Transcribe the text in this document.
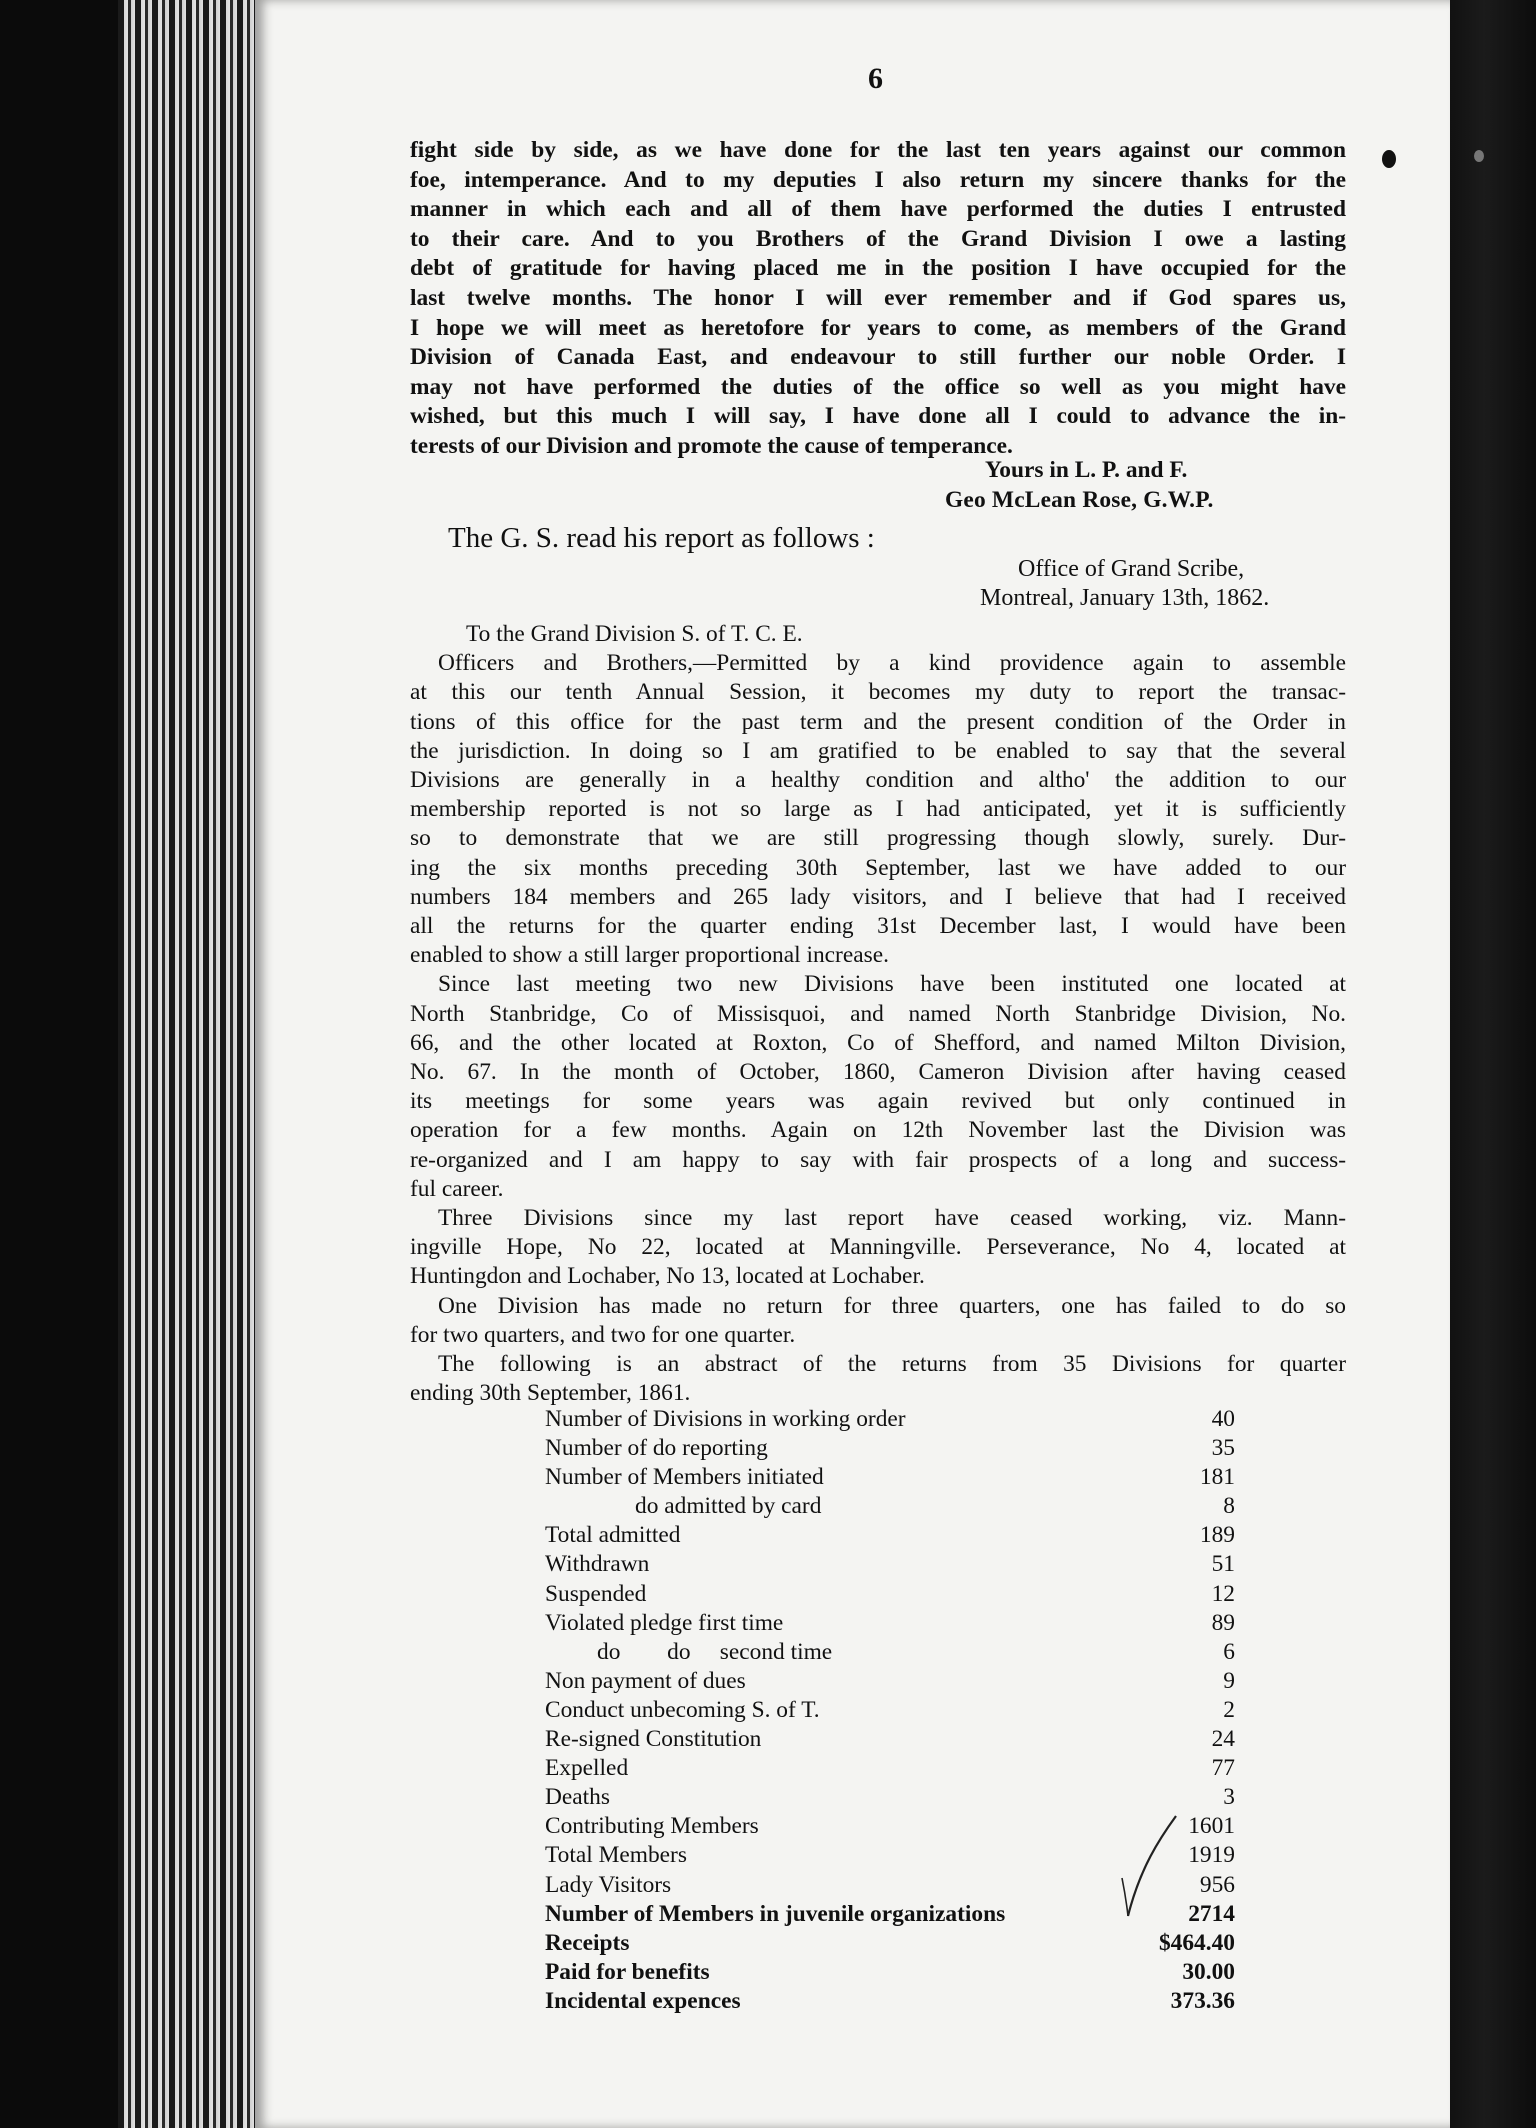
6
fight side by side, as we have done for the last ten years against our common
foe, intemperance. And to my deputies I also return my sincere thanks for the
manner in which each and all of them have performed the duties I entrusted
to their care. And to you Brothers of the Grand Division I owe a lasting
debt of gratitude for having placed me in the position I have occupied for the
last twelve months. The honor I will ever remember and if God spares us,
I hope we will meet as heretofore for years to come, as members of the Grand
Division of Canada East, and endeavour to still further our noble Order. I
may not have performed the duties of the office so well as you might have
wished, but this much I will say, I have done all I could to advance the in-
terests of our Division and promote the cause of temperance.
Yours in L. P. and F.
Geo McLean Rose, G.W.P.
The G. S. read his report as follows :
Office of Grand Scribe,
Montreal, January 13th, 1862.
To the Grand Division S. of T. C. E.
Officers and Brothers,—Permitted by a kind providence again to assemble
at this our tenth Annual Session, it becomes my duty to report the transac-
tions of this office for the past term and the present condition of the Order in
the jurisdiction. In doing so I am gratified to be enabled to say that the several
Divisions are generally in a healthy condition and altho' the addition to our
membership reported is not so large as I had anticipated, yet it is sufficiently
so to demonstrate that we are still progressing though slowly, surely. Dur-
ing the six months preceding 30th September, last we have added to our
numbers 184 members and 265 lady visitors, and I believe that had I received
all the returns for the quarter ending 31st December last, I would have been
enabled to show a still larger proportional increase.
Since last meeting two new Divisions have been instituted one located at
North Stanbridge, Co of Missisquoi, and named North Stanbridge Division, No.
66, and the other located at Roxton, Co of Shefford, and named Milton Division,
No. 67. In the month of October, 1860, Cameron Division after having ceased
its meetings for some years was again revived but only continued in
operation for a few months. Again on 12th November last the Division was
re-organized and I am happy to say with fair prospects of a long and success-
ful career.
Three Divisions since my last report have ceased working, viz. Mann-
ingville Hope, No 22, located at Manningville. Perseverance, No 4, located at
Huntingdon and Lochaber, No 13, located at Lochaber.
One Division has made no return for three quarters, one has failed to do so
for two quarters, and two for one quarter.
The following is an abstract of the returns from 35 Divisions for quarter
ending 30th September, 1861.
Number of Divisions in working order	40
Number of do reporting	35
Number of Members initiated	181
do admitted by card	8
Total admitted	189
Withdrawn	51
Suspended	12
Violated pledge first time	89
do        do     second time	6
Non payment of dues	9
Conduct unbecoming S. of T.	2
Re-signed Constitution	24
Expelled	77
Deaths	3
Contributing Members	1601
Total Members	1919
Lady Visitors	956
Number of Members in juvenile organizations	2714
Receipts	$464.40
Paid for benefits	30.00
Incidental expences	373.36
